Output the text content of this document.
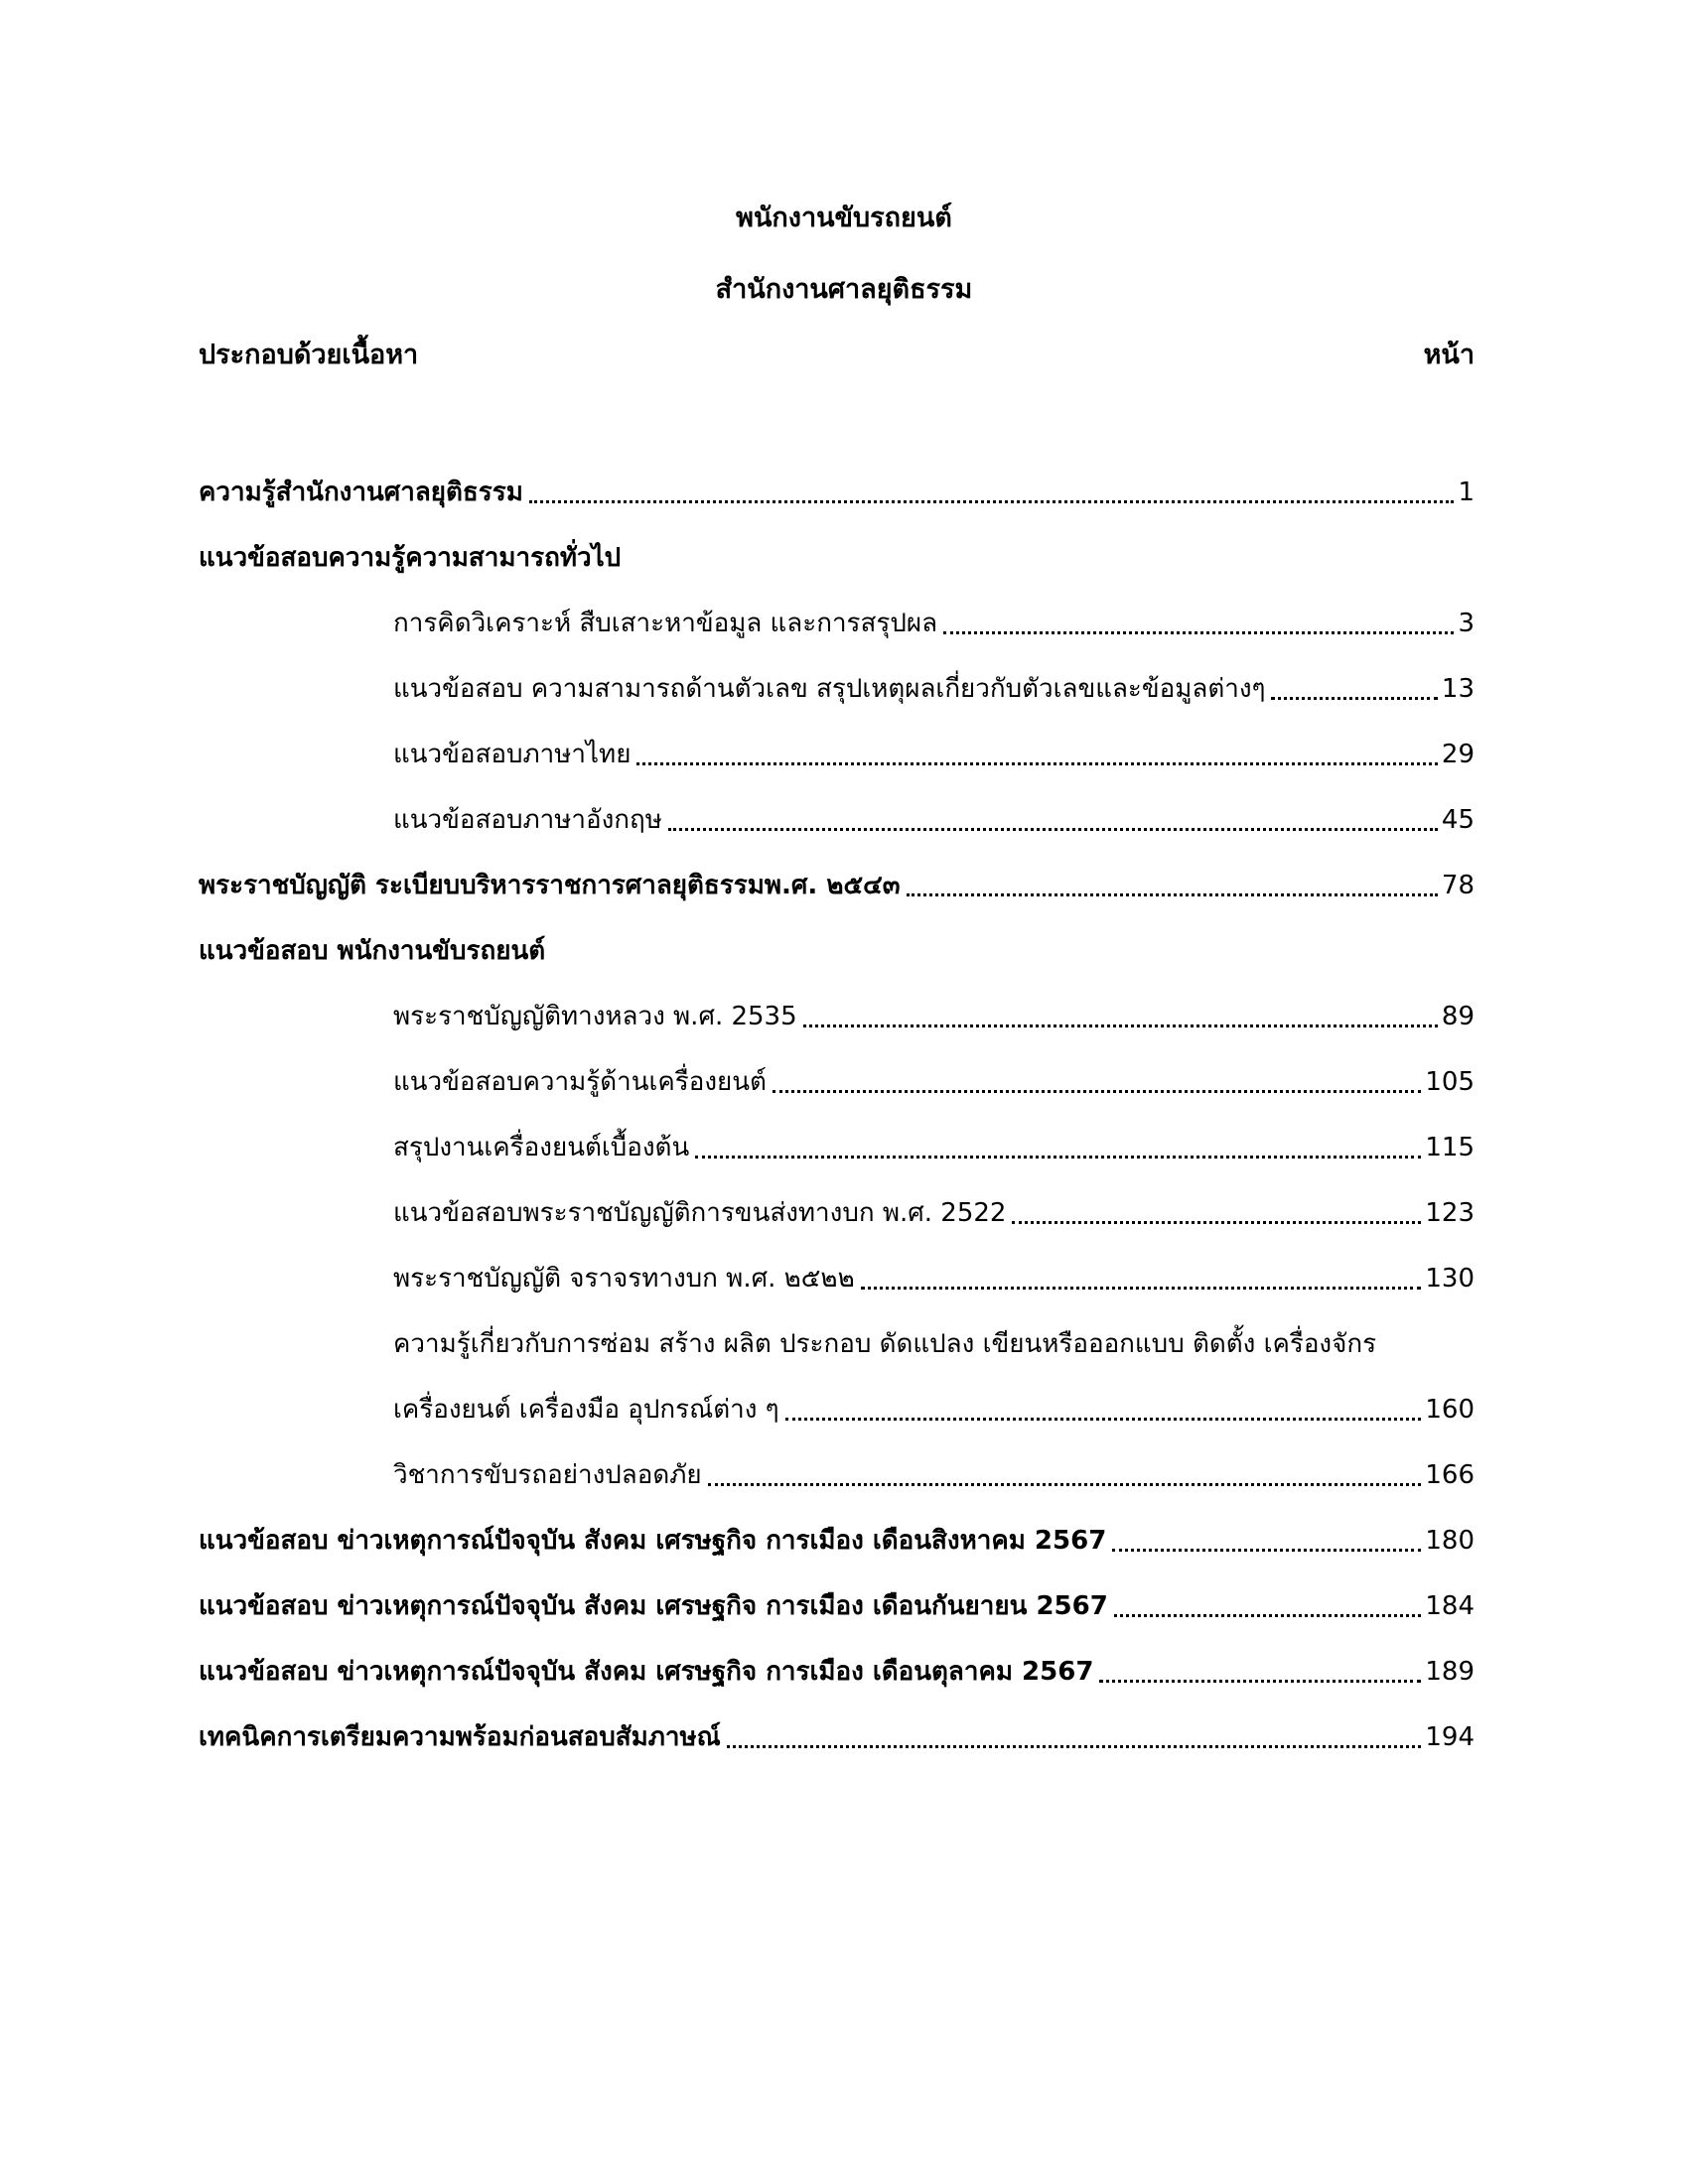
พนักงานขับรถยนต์
สำนักงานศาลยุติธรรม
ประกอบด้วยเนื้อหา	หน้า
ความรู้สำนักงานศาลยุติธรรม	1
แนวข้อสอบความรู้ความสามารถทั่วไป
การคิดวิเคราะห์ สืบเสาะหาข้อมูล และการสรุปผล	3
แนวข้อสอบ ความสามารถด้านตัวเลข สรุปเหตุผลเกี่ยวกับตัวเลขและข้อมูลต่างๆ	13
แนวข้อสอบภาษาไทย	29
แนวข้อสอบภาษาอังกฤษ	45
พระราชบัญญัติ ระเบียบบริหารราชการศาลยุติธรรมพ.ศ. ๒๕๔๓	78
แนวข้อสอบ พนักงานขับรถยนต์
พระราชบัญญัติทางหลวง พ.ศ. 2535	89
แนวข้อสอบความรู้ด้านเครื่องยนต์	105
สรุปงานเครื่องยนต์เบื้องต้น	115
แนวข้อสอบพระราชบัญญัติการขนส่งทางบก พ.ศ. 2522	123
พระราชบัญญัติ จราจรทางบก พ.ศ. ๒๕๒๒	130
ความรู้เกี่ยวกับการซ่อม สร้าง ผลิต ประกอบ ดัดแปลง เขียนหรือออกแบบ ติดตั้ง เครื่องจักร
เครื่องยนต์ เครื่องมือ อุปกรณ์ต่าง ๆ	160
วิชาการขับรถอย่างปลอดภัย	166
แนวข้อสอบ ข่าวเหตุการณ์ปัจจุบัน สังคม เศรษฐกิจ การเมือง เดือนสิงหาคม 2567	180
แนวข้อสอบ ข่าวเหตุการณ์ปัจจุบัน สังคม เศรษฐกิจ การเมือง เดือนกันยายน 2567	184
แนวข้อสอบ ข่าวเหตุการณ์ปัจจุบัน สังคม เศรษฐกิจ การเมือง เดือนตุลาคม 2567	189
เทคนิคการเตรียมความพร้อมก่อนสอบสัมภาษณ์	194
